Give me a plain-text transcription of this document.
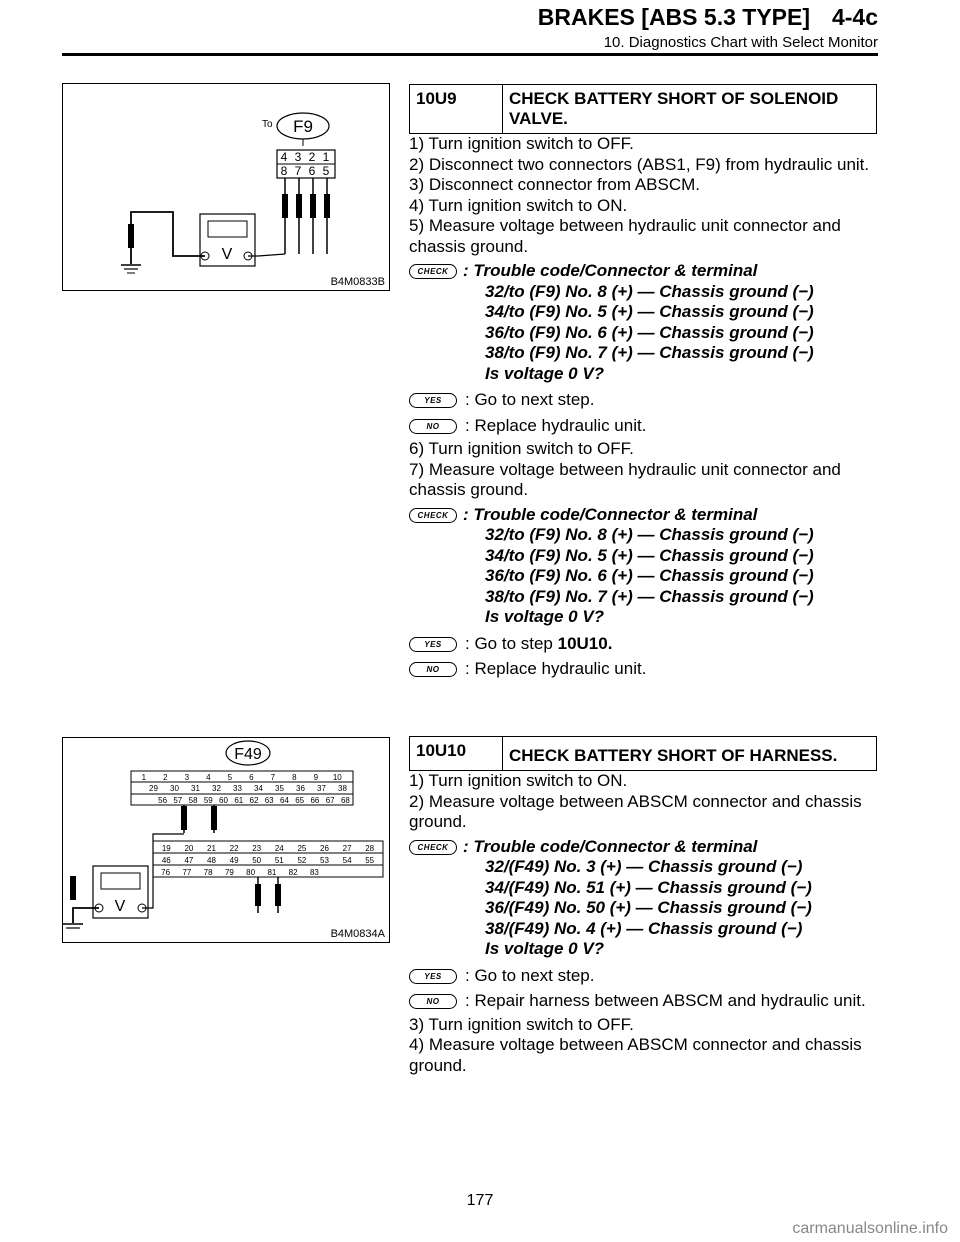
BRAKES [ABS 5.3 TYPE] 4-4c
10. Diagnostics Chart with Select Monitor
To F9
4 3 2 1
8 7 6 5
V
B4M0833B
F49
1 2 3 4 5 6 7 8 9 10
29 30 31 32 33 34 35 36 37 38
56 57 58 59 60 61 62 63 64 65 66 67 68
19 20 21 22 23 24 25 26 27 28
46 47 48 49 50 51 52 53 54 55
76 77 78 79 80 81 82 83
V
B4M0834A
10U9	CHECK BATTERY SHORT OF SOLENOID VALVE.

1) Turn ignition switch to OFF.

2) Disconnect two connectors (ABS1, F9) from hydraulic unit.

3) Disconnect connector from ABSCM.

4) Turn ignition switch to ON.

5) Measure voltage between hydraulic unit connector and chassis ground.

CHECK : Trouble code/Connector & terminal
32/to (F9) No. 8 (+) — Chassis ground (−)
34/to (F9) No. 5 (+) — Chassis ground (−)
36/to (F9) No. 6 (+) — Chassis ground (−)
38/to (F9) No. 7 (+) — Chassis ground (−)
Is voltage 0 V?
YES	: Go to next step.
NO	: Replace hydraulic unit.

6) Turn ignition switch to OFF.

7) Measure voltage between hydraulic unit connector and chassis ground.

CHECK : Trouble code/Connector & terminal
32/to (F9) No. 8 (+) — Chassis ground (−)
34/to (F9) No. 5 (+) — Chassis ground (−)
36/to (F9) No. 6 (+) — Chassis ground (−)
38/to (F9) No. 7 (+) — Chassis ground (−)
Is voltage 0 V?
YES	: Go to step 10U10.
NO	: Replace hydraulic unit.
10U10	CHECK BATTERY SHORT OF HARNESS.

1) Turn ignition switch to ON.

2) Measure voltage between ABSCM connector and chassis ground.

CHECK : Trouble code/Connector & terminal
32/(F49) No. 3 (+) — Chassis ground (−)
34/(F49) No. 51 (+) — Chassis ground (−)
36/(F49) No. 50 (+) — Chassis ground (−)
38/(F49) No. 4 (+) — Chassis ground (−)
Is voltage 0 V?
YES	: Go to next step.
NO	: Repair harness between ABSCM and hydraulic unit.

3) Turn ignition switch to OFF.

4) Measure voltage between ABSCM connector and chassis ground.

177
carmanualsonline.info
